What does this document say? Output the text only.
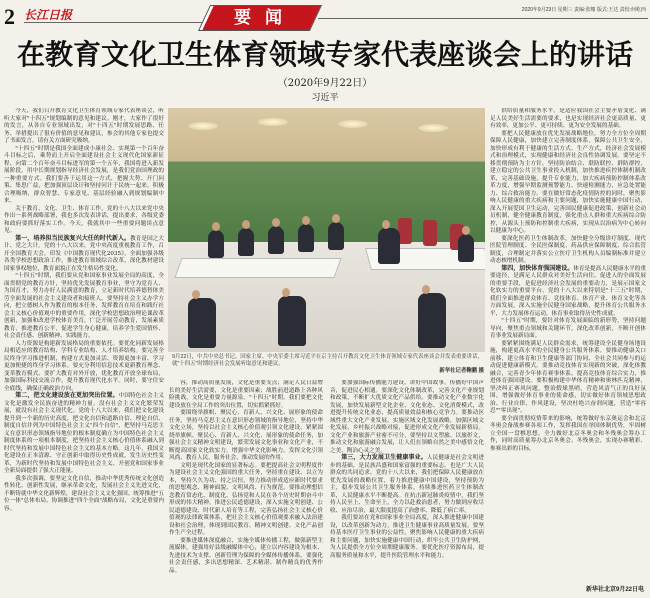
2 长江日报	要闻	2020年9月23日 星期三 责编:张娜 版式:王达 责校:何屹西
在教育文化卫生体育领域专家代表座谈会上的讲话
（2020年9月22日）
习近平

今天，我们召开教育文化卫生体育领域专家代表座谈会，听听大家对"十四五"规划编制的意见和建议。刚才，大家作了很好的发言，从各自专业领域出发，对"十四五"时期发展思路、任务、举措提出了很有价值的意见和建议，参会的其他专家也提交了书面发言，请有关方面研究吸纳。

"十四五"时期是我国全面建成小康社会、实现第一个百年奋斗目标之后，乘势而上开启全面建设社会主义现代化国家新征程、向第二个百年奋斗目标进军的第一个五年，我国将进入新发展阶段。用中长期规划指导经济社会发展，是我们党治国理政的一种重要方式。我们要善于运用这一方式，把握大势、开门问策、集思广益，把加强顶层设计和坚持问计于民统一起来，积极合理吸纳，群众智慧、专家意见、基层经验融入到规划编制中来。

关于教育、文化、卫生、体育工作，党的十八大以来党中央作出一系列战略部署，我也多次发表讲话，提出要求，各级党委和政府要抓好落实工作。今天，我就其中一些重要问题谈点意见。

第一，培养担当民族复兴大任的时代新人。教育是国之大计、党之大计。党的十八大以来，党中央高度重视教育工作，召开全国教育大会，印发《中国教育现代化2035》，全面加强各级各类学校思想政治工作，推进教育领域综合改革，深化教材建设国家事权地位，教育面貌正在发生格局性变化。

"十四五"时期，我们要从党和国家事业发展全局的高度，全面贯彻党的教育方针，坚持优先发展教育事业，坚守为党育人、为国育才，努力办好人民满意的教育，立足新时代培养德智体美劳全面发展的社会主义建设者和接班人。要坚持社会主义办学方向，把立德树人作为教育的根本任务，发挥教育在培育和践行社会主义核心价值观中的重要作用，深化学校思想政治理论课改革创新，加强和改进学校体育美育，广泛开展劳动教育，发展素质教育，推进教育公平，促进学生身心健康，培养学生爱国情怀、社会责任感、创新精神、实践能力。

人力资源是构建新发展格局的重要依托。要优化同新发展格局相适应的教育结构、学科专业结构、人才培养结构。要完善全民终身学习推进机制，构建方式更加灵活、资源更加丰富、学习更加便捷的终身学习体系。要充分利用信息技术更新教育理念、变革教育模式。要扩大教育对外开放，优化教育开放全球布局，加强国际科技交流合作，提升教育现代化水平。同时，要守住安全底线，确保正确政治方向。

第二，把文化建设放在更加突出位置。中国特色社会主义文化是激发全民族奋进的精神力量。没有社会主义文化繁荣发展，就没有社会主义现代化。党的十八大以来，我们把文化建设提升到一个新的历史高度，把文化自信和道路自信、理论自信、制度自信并列为中国特色社会主义"四个自信"，把坚持马克思主义在意识形态领域指导地位的根本制度确立为中国特色社会主义制度体系的一项根本制度，把坚持社会主义核心价值体系融入到时代坚持和发展中国特色社会主义的基本方略。这几年，我国文化建设在正本清源、守正创新中取得历史性成就，发生历史性变革，为新时代坚持和发展中国特色社会主义、开创党和国家事业全新局面提供了强大正能量。

我多次强调，要坚定文化自信，推动中华优秀传统文化创造性转化、创新性发展，继承革命文化，发展社会主义先进文化，不断铸就中华文化新辉煌，建设社会主义文化强国。统筹推进"五位一体"总体布局、协调推进"四个全面"战略布局，文化是重要内容。

容，推动高质量发展，文化是重要支点；满足人民日益增长的美好生活需要，文化是重要因素；战胜前进道路上各种风险挑战，文化是重要力量源泉。"十四五"时期，我们要把文化建设放在全局工作的突出位置，切实抓紧抓好。

要围绕举旗帜、聚民心、育新人、兴文化、展形象的使命任务，坚持马克思主义在意识形态领域的指导地位，坚持中华文化立场，坚持以社会主义核心价值观引领文化建设，紧紧围绕举旗帜、聚民心、育新人、兴文化、展形象的使命任务，加强社会主义精神文明建设，繁荣发展文化事业和文化产业，不断提高国家文化软实力，增强中华文化影响力，发挥文化引领风尚、教育人民、服务社会、推动发展的作用。

文明是现代化国家的显著标志。要把提高社会文明程度作为建设社会主义文化强国的重大任务，坚持重在建设、以立为本，坚持久久为功、持之以恒，努力推动形成适应新时代要求的思想观念、精神面貌、文明风尚、行为规范。要推动理想信念教育常态化、制度化，弘扬党和人民在各个历史时期奋斗中形成的伟大精神，推进公民道德建设，深入实施文明创建、公民道德建设、时代新人培育等工程，完善弘扬社会主义核心价值观的法律政策体系，把社会主义核心价值观要求融入法治建设和社会治理，体现到国民教育、精神文明创建、文化产品创作生产全过程。

要推进媒体深度融合，实施全媒体传播工程，做强新型主流媒体，建强用好县级融媒体中心，建立以内容建设为根本、先进技术为支撑、创新管理为保障的全媒体传播体系。要强化社会责任感，多出思想精深、艺术精湛、制作精良的优秀作品。

要加强国际传播能力建设，讲好中国故事，传播好中国声音，促进民心相通。要深化文化体制改革，完善文化产业规划和政策，不断扩大优质文化产品供给。要推动文化产业数字化发展，加快发展新型文化企业、文化业态、文化消费模式，改进提升传统文化业态，提高质量效益和核心竞争力。要推动区域性重大文化产业发展，实施区域文化发展战略，加强区域文化发展、乡村振兴战略对接，促进形成文化产业发展新格局。文化产业和旅游产业密不可分，要坚持以文塑旅、以旅彰文，推动文化和旅游融合发展，让人们在领略自然之美中感悟文化之美、陶冶心灵之美。

第三，大力发展卫生健康事业。人民健康是社会文明进步的基础，是民族昌盛和国家富强的重要标志，也是广大人民群众的共同追求。党的十八大以来，我们把保障人民健康放在优先发展的战略位置，着力推进健康中国建设，坚持预防为主，稳步发展公共卫生服务体系，持续推进医药卫生体制改革，人民健康水平不断提高。在抗击新冠肺炎疫情中，我们坚持人民至上、生命至上，全力以赴救治患者，努力做到应收尽收、应治尽治，最大限度提高了治愈率、降低了病亡率。

我们要站在党和国家事业全局高度，深入推进健康中国建设，以改革创新为动力，推进卫生健康事业高质量发展。要坚持基本医疗卫生事业的公益性，聚焦影响人民健康的重大疾病和主要问题，加快实施健康中国行动，织牢公共卫生防护网，为人民提供全方位全周期健康服务。要优化医疗资源布局，提高服务质量和水平，提升医院管理水平和能力。

供给质量和服务水平，是适应我国社会主要矛盾变化、满足人民美好生活需要的要求，也是实现经济社会更高质量、更有效率、更加公平、更可持续、更为安全发展的基础。

要把人民健康放在优先发展战略地位，努力全方位全周期保障人民健康，加快建立完善制度体系，保障公共卫生安全，加快形成有利于健康的生活方式、生产方式，经济社会发展模式和治理模式，实现健康和经济社会良性协调发展。要坚定不移贯彻预防为主方针，坚持防治结合、联防联控、群防群控，建立稳定的公共卫生事业投入机制，加快推进疾控体制机制改革，完善基础设施，提升专业能力，加大疾病预防控制体系改革力度，增强早期监测预警能力、快速检测能力、应急处置能力、综合救治能力。要在做好常态化疫情防控的同时，聚焦影响人民健康的重大疾病和主要问题，加快实施健康中国行动，深入开展爱国卫生运动，完善国民健康促进政策，创新社会动员机制，健全健康教育制度，强化重点人群和重大疾病综合防控，从源头上预防和控制重大疾病，实现从以治病为中心转向以健康为中心。

要深化医药卫生体制改革，加快健全分级诊疗制度、现代医院管理制度、全民医保制度、药品供应保障制度、综合监管制度，合理制定并落实公立医疗卫生机构人员编制标准并建立动态核增机制。

第四，加快体育强国建设。体育是提高人民健康水平的重要途径，是满足人民群众对美好生活向往、促进人的全面发展的重要手段，是促进经济社会发展的重要动力，是展示国家文化软实力的重要平台。党的十八大以来特别是"十三五"时期，我们全面推进群众体育、竞技体育、体育产业、体育文化等各方面发展，深入实施全民健身国家战略，提升体育公共服务水平，大力发展体育运动，体育事业取得历史性成就。

"十四五"时期，要针对体育发展面临的新形势，坚持问题导向，聚焦重点领域和关键环节，深化改革创新，不断开创体育事业发展新局面。

要紧紧围绕满足人民群众需求，统筹建设全民健身场地设施，构建更高水平的全民健身公共服务体系。要推动健康关口前移，建立体育和卫生健康等部门协同、全社会共同参与的运动促进健康新模式。要推动竞技体育实现新的突破，深化体教融合，完善青少年体育赛事体系，提高竞技体育综合实力，推进体育强国建设。要积极构建中华体育精神和奥林匹克精神，坚决纠正赛风问题，整治假球黑哨，营造风清气正的良好氛围，增强做好体育事业的使命感，切实做好体育领域思想政治、行业自律、作风建设，坚决杜绝兴奋剂问题，营造"零容忍""零出现"。

要全面贯彻疫情带来的影响，统筹做好东京奥运会和北京冬奥会备战参赛各项工作，发挥我国在举国体制优势，牢固树立全国一盘棋思想，全力做好北京冬奥会和冬残奥会筹办工作，同时高质量筹办北京冬奥会、冬残奥会，实现办赛精彩、参赛出彩的目标。

9月22日，中共中央总书记、国家主席、中央军委主席习近平在京主持召开教育文化卫生体育领域专家代表座谈会并发表重要讲话，就"十四五"时期经济社会发展听取意见和建议。
新华社记者鞠鹏 摄
新华社北京9月22日电
